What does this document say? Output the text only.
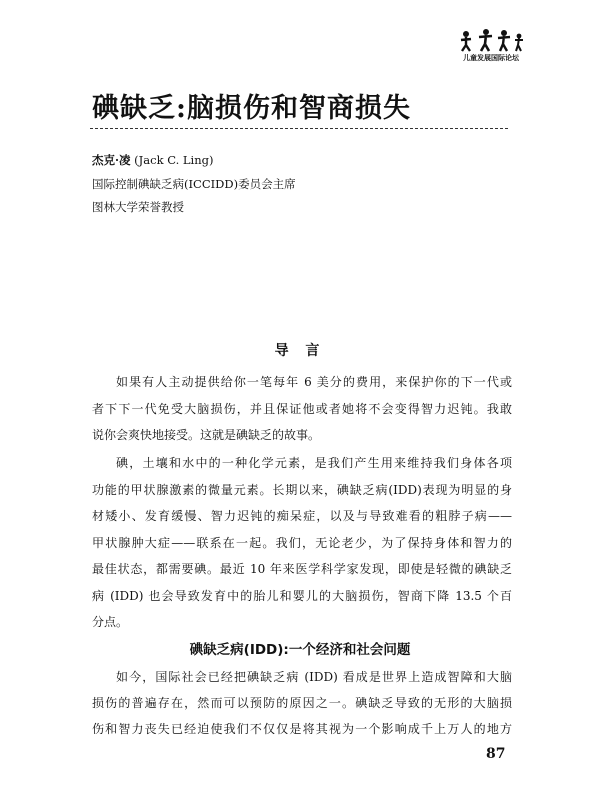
儿童发展国际论坛
碘缺乏:脑损伤和智商损失
杰克·凌 (Jack C. Ling)
国际控制碘缺乏病(ICCIDD)委员会主席
图林大学荣誉教授
导 言
如果有人主动提供给你一笔每年 6 美分的费用，来保护你的下一代或
者下下一代免受大脑损伤，并且保证他或者她将不会变得智力迟钝。我敢
说你会爽快地接受。这就是碘缺乏的故事。
碘，土壤和水中的一种化学元素，是我们产生用来维持我们身体各项
功能的甲状腺激素的微量元素。长期以来，碘缺乏病(IDD)表现为明显的身
材矮小、发育缓慢、智力迟钝的痴呆症，以及与导致难看的粗脖子病——
甲状腺肿大症——联系在一起。我们，无论老少，为了保持身体和智力的
最佳状态，都需要碘。最近 10 年来医学科学家发现，即使是轻微的碘缺乏
病 (IDD) 也会导致发育中的胎儿和婴儿的大脑损伤，智商下降 13.5 个百
分点。
碘缺乏病(IDD):一个经济和社会问题
如今，国际社会已经把碘缺乏病 (IDD) 看成是世界上造成智障和大脑
损伤的普遍存在，然而可以预防的原因之一。碘缺乏导致的无形的大脑损
伤和智力丧失已经迫使我们不仅仅是将其视为一个影响成千上万人的地方
87
